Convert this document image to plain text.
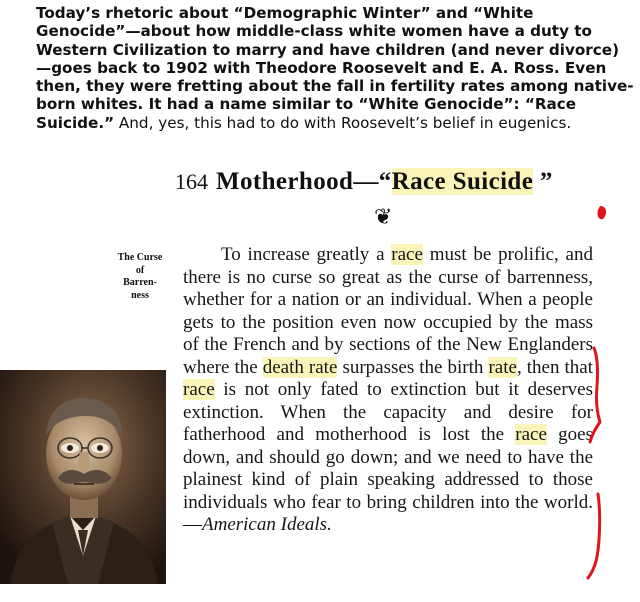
Today’s rhetoric about “Demographic Winter” and “White Genocide”—about how middle-class white women have a duty to Western Civilization to marry and have children (and never divorce)—goes back to 1902 with Theodore Roosevelt and E. A. Ross. Even then, they were fretting about the fall in fertility rates among native-born whites. It had a name similar to “White Genocide”: “Race Suicide.” And, yes, this had to do with Roosevelt’s belief in eugenics.
164 Motherhood—“Race Suicide ”
❦
The Curse
of
Barren-
ness

To increase greatly a race must be prolific, and there is no curse so great as the curse of barrenness, whether for a nation or an individual. When a people gets to the position even now occupied by the mass of the French and by sections of the New Englanders where the death rate surpasses the birth rate, then that race is not only fated to extinction but it deserves extinction. When the capacity and desire for fatherhood and motherhood is lost the race goes down, and should go down; and we need to have the plainest kind of plain speaking addressed to those individuals who fear to bring children into the world.—American Ideals.
